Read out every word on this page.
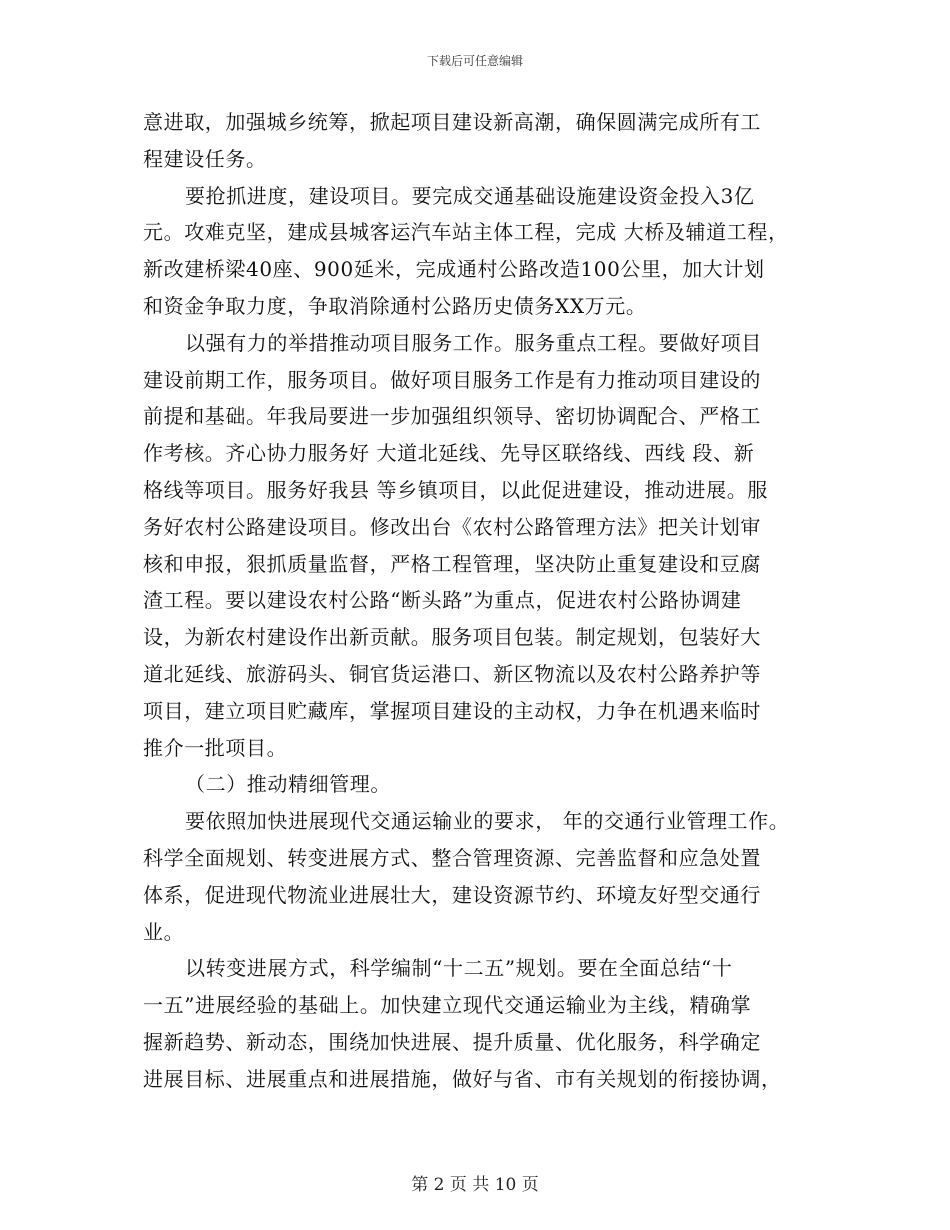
下载后可任意编辑
意进取，加强城乡统筹，掀起项目建设新高潮，确保圆满完成所有工
程建设任务。
要抢抓进度，建设项目。要完成交通基础设施建设资金投入3亿
元。攻难克坚，建成县城客运汽车站主体工程，完成 大桥及辅道工程，
新改建桥梁40座、900延米，完成通村公路改造100公里，加大计划
和资金争取力度，争取消除通村公路历史债务XX万元。
以强有力的举措推动项目服务工作。服务重点工程。要做好项目
建设前期工作，服务项目。做好项目服务工作是有力推动项目建设的
前提和基础。年我局要进一步加强组织领导、密切协调配合、严格工
作考核。齐心协力服务好 大道北延线、先导区联络线、西线 段、新
格线等项目。服务好我县 等乡镇项目，以此促进建设，推动进展。服
务好农村公路建设项目。修改出台《农村公路管理方法》把关计划审
核和申报，狠抓质量监督，严格工程管理，坚决防止重复建设和豆腐
渣工程。要以建设农村公路“断头路”为重点，促进农村公路协调建
设，为新农村建设作出新贡献。服务项目包装。制定规划，包装好大
道北延线、旅游码头、铜官货运港口、新区物流以及农村公路养护等
项目，建立项目贮藏库，掌握项目建设的主动权，力争在机遇来临时
推介一批项目。
（二）推动精细管理。
要依照加快进展现代交通运输业的要求， 年的交通行业管理工作。
科学全面规划、转变进展方式、整合管理资源、完善监督和应急处置
体系，促进现代物流业进展壮大，建设资源节约、环境友好型交通行
业。
以转变进展方式，科学编制“十二五”规划。要在全面总结“十
一五”进展经验的基础上。加快建立现代交通运输业为主线，精确掌
握新趋势、新动态，围绕加快进展、提升质量、优化服务，科学确定
进展目标、进展重点和进展措施，做好与省、市有关规划的衔接协调，
第 2 页 共 10 页
